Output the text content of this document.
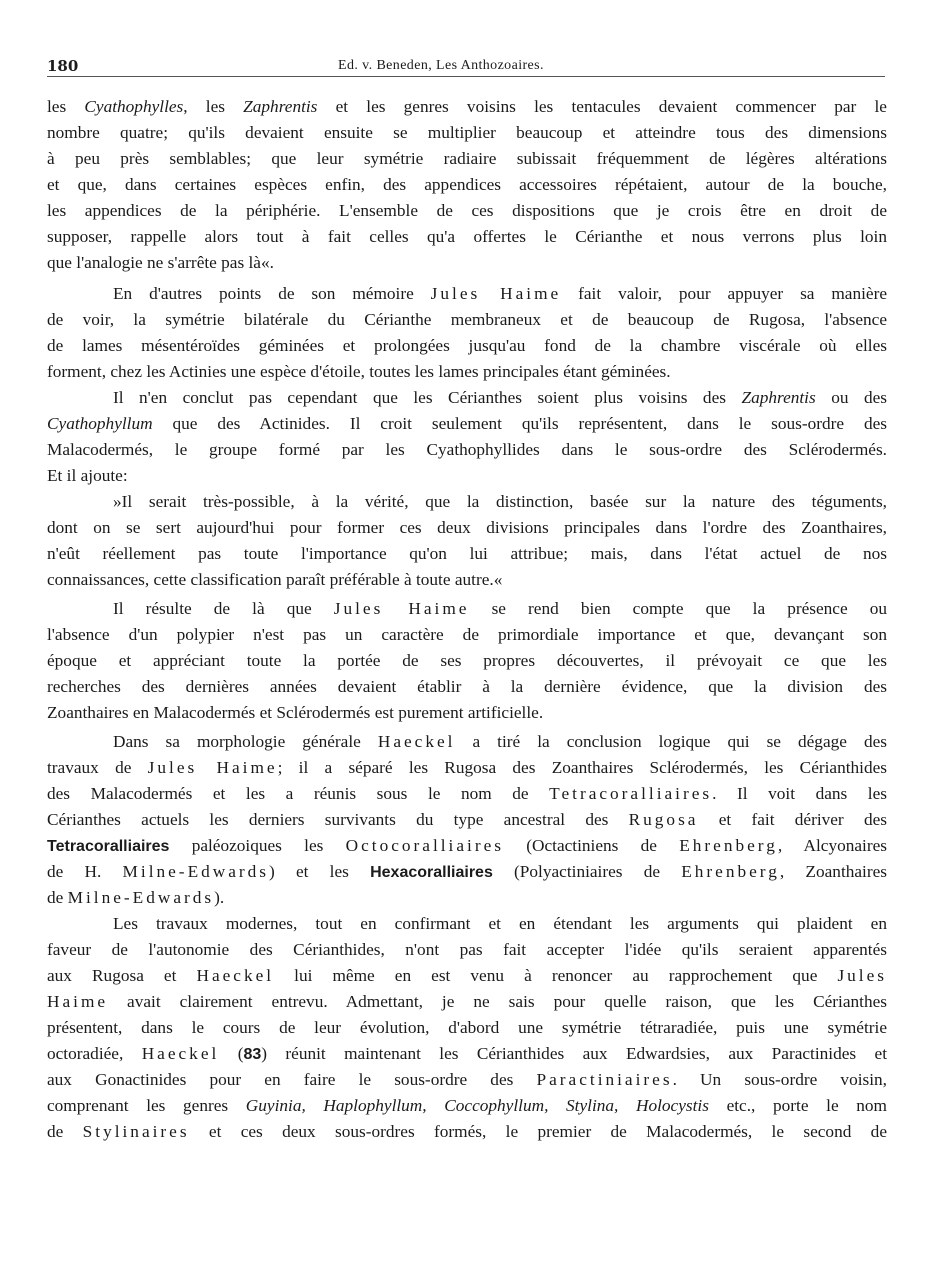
180	Ed. v. Beneden, Les Anthozoaires.
les Cyathophylles, les Zaphrentis et les genres voisins les tentacules devaient commencer par le
nombre quatre; qu'ils devaient ensuite se multiplier beaucoup et atteindre tous des dimensions
à peu près semblables; que leur symétrie radiaire subissait fréquemment de légères altérations
et que, dans certaines espèces enfin, des appendices accessoires répétaient, autour de la bouche,
les appendices de la périphérie. L'ensemble de ces dispositions que je crois être en droit de
supposer, rappelle alors tout à fait celles qu'a offertes le Cérianthe et nous verrons plus loin
que l'analogie ne s'arrête pas là«.
En d'autres points de son mémoire Jules Haime fait valoir, pour appuyer sa manière
de voir, la symétrie bilatérale du Cérianthe membraneux et de beaucoup de Rugosa, l'absence
de lames mésentéroïdes géminées et prolongées jusqu'au fond de la chambre viscérale où elles
forment, chez les Actinies une espèce d'étoile, toutes les lames principales étant géminées.
Il n'en conclut pas cependant que les Cérianthes soient plus voisins des Zaphrentis ou des
Cyathophyllum que des Actinides. Il croit seulement qu'ils représentent, dans le sous-ordre des
Malacodermés, le groupe formé par les Cyathophyllides dans le sous-ordre des Sclérodermés.
Et il ajoute:
»Il serait très-possible, à la vérité, que la distinction, basée sur la nature des téguments,
dont on se sert aujourd'hui pour former ces deux divisions principales dans l'ordre des Zoanthaires,
n'eût réellement pas toute l'importance qu'on lui attribue; mais, dans l'état actuel de nos
connaissances, cette classification paraît préférable à toute autre.«
Il résulte de là que Jules Haime se rend bien compte que la présence ou
l'absence d'un polypier n'est pas un caractère de primordiale importance et que, devançant son
époque et appréciant toute la portée de ses propres découvertes, il prévoyait ce que les
recherches des dernières années devaient établir à la dernière évidence, que la division des
Zoanthaires en Malacodermés et Sclérodermés est purement artificielle.
Dans sa morphologie générale Haeckel a tiré la conclusion logique qui se dégage des
travaux de Jules Haime; il a séparé les Rugosa des Zoanthaires Sclérodermés, les Cérianthides
des Malacodermés et les a réunis sous le nom de Tetracoralliaires. Il voit dans les
Cérianthes actuels les derniers survivants du type ancestral des Rugosa et fait dériver des
Tetracoralliaires paléozoiques les Octocoralliaires (Octactiniens de Ehrenberg, Alcyonaires
de H. Milne-Edwards) et les Hexacoralliaires (Polyactiniaires de Ehrenberg, Zoanthaires
de Milne-Edwards).
Les travaux modernes, tout en confirmant et en étendant les arguments qui plaident en
faveur de l'autonomie des Cérianthides, n'ont pas fait accepter l'idée qu'ils seraient apparentés
aux Rugosa et Haeckel lui même en est venu à renoncer au rapprochement que Jules
Haime avait clairement entrevu. Admettant, je ne sais pour quelle raison, que les Cérianthes
présentent, dans le cours de leur évolution, d'abord une symétrie tétraradiée, puis une symétrie
octoradiée, Haeckel (83) réunit maintenant les Cérianthides aux Edwardsies, aux Paractinides et
aux Gonactinides pour en faire le sous-ordre des Paractiniaires. Un sous-ordre voisin,
comprenant les genres Guyinia, Haplophyllum, Coccophyllum, Stylina, Holocystis etc., porte le nom
de Stylinaires et ces deux sous-ordres formés, le premier de Malacodermés, le second de
